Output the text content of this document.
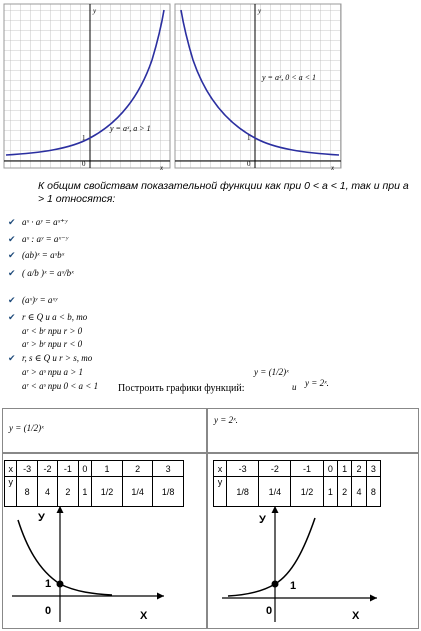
y
x
1
0
y = aˣ, a > 1
y
x
1
0
y = aˣ, 0 < a < 1
К общим свойствам показательной функции как при 0 < a < 1, так и при a > 1 относятся:
✔ aˣ · aʸ = aˣ⁺ʸ
✔ aˣ : aʸ = aˣ⁻ʸ
✔ (ab)ˣ = aˣbˣ
✔ ( a/b )ˣ = aˣ/bˣ
✔ (aˣ)ʸ = aˣʸ
✔ r ∈ Q и a < b, то
aʳ < bʳ при r > 0
aʳ > bʳ при r < 0
✔ r, s ∈ Q и r > s, то
aʳ > aˢ при a > 1
aʳ < aˢ при 0 < a < 1 Построить графики функций:
y = (1/2)ˣ
и y = 2ˣ.
y = (1/2)ˣ
y = 2ˣ.
x	-3	-2	-1	0	1	2	3
y	8	4	2	1	1/2	1/4	1/8
x	-3	-2	-1	0	1	2	3
y	1/8	1/4	1/2	1	2	4	8
У
X
1
0
У
X
1
0
